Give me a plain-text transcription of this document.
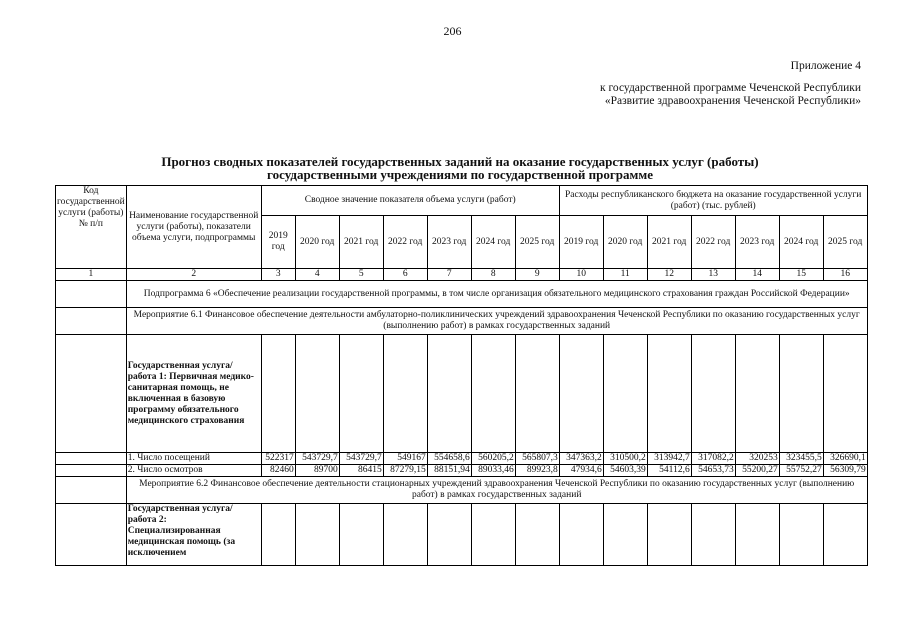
206
Приложение 4
к государственной программе Чеченской Республики
«Развитие здравоохранения Чеченской Республики»
Прогноз сводных показателей государственных заданий на оказание государственных услуг (работы)
государственными учреждениями по государственной программе
Код государственной услуги (работы) № п/п	Наименование государственной услуги (работы), показатели объема услуги, подпрограммы	Сводное значение показателя объема услуги (работ)							Расходы республиканского бюджета на оказание государственной услуги (работ) (тыс. рублей)						
		2019 год	2020 год	2021 год	2022 год	2023 год	2024 год	2025 год	2019 год	2020 год	2021 год	2022 год	2023 год	2024 год	2025 год
1	2	3	4	5	6	7	8	9	10	11	12	13	14	15	16
	Подпрограмма 6 «Обеспечение реализации государственной программы, в том числе организация обязательного медицинского страхования граждан Российской Федерации»														
	Мероприятие 6.1 Финансовое обеспечение деятельности амбулаторно-поликлинических учреждений здравоохранения Чеченской Республики по оказанию государственных услуг (выполнению работ) в рамках государственных заданий														
	Государственная услуга/работа 1: Первичная медико-санитарная помощь, не включенная в базовую программу обязательного медицинского страхования														
	1. Число посещений	522317	543729,7	543729,7	549167	554658,6	560205,2	565807,3	347363,2	310500,2	313942,7	317082,2	320253	323455,5	326690,1
	2. Число осмотров	82460	89700	86415	87279,15	88151,94	89033,46	89923,8	47934,6	54603,39	54112,6	54653,73	55200,27	55752,27	56309,79
	Мероприятие 6.2 Финансовое обеспечение деятельности стационарных учреждений здравоохранения Чеченской Республики по оказанию государственных услуг (выполнению работ) в рамках государственных заданий														
	Государственная услуга/работа 2: Специализированная медицинская помощь (за исключением														
